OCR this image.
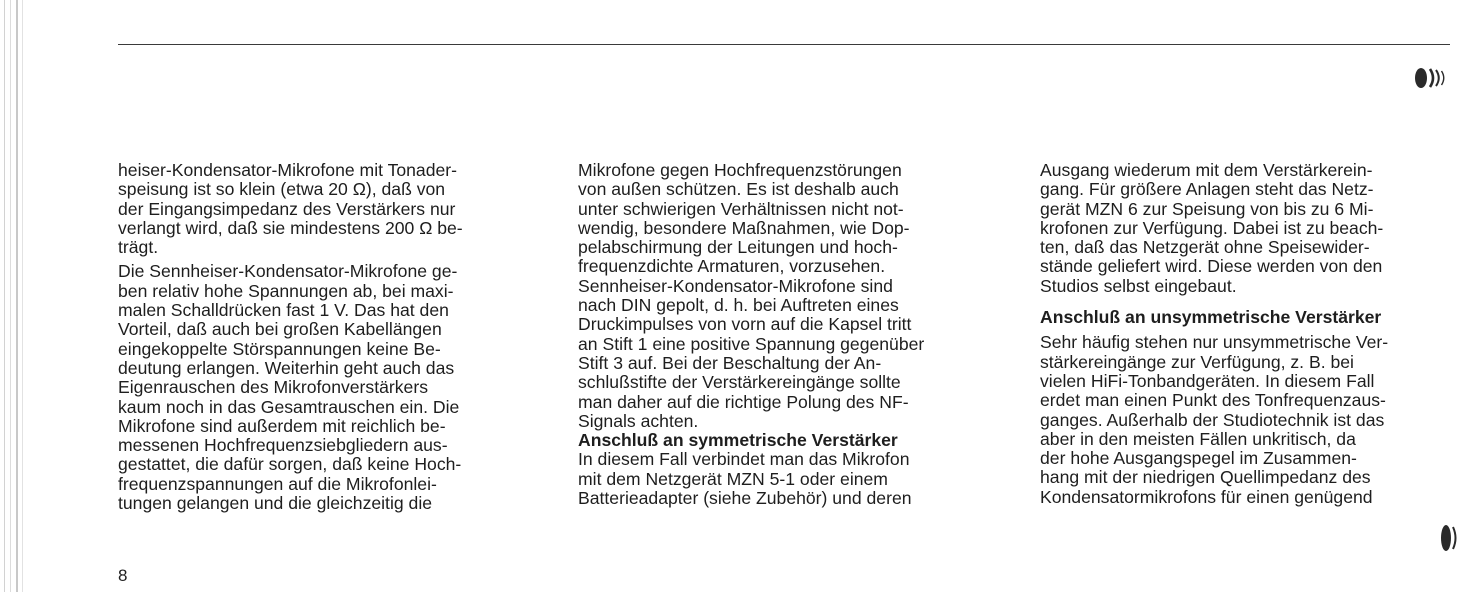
heiser-Kondensator-Mikrofone mit Tonader-

speisung ist so klein (etwa 20 Ω), daß von

der Eingangsimpedanz des Verstärkers nur

verlangt wird, daß sie mindestens 200 Ω be-

trägt.

Die Sennheiser-Kondensator-Mikrofone ge-

ben relativ hohe Spannungen ab, bei maxi-

malen Schalldrücken fast 1 V. Das hat den

Vorteil, daß auch bei großen Kabellängen

eingekoppelte Störspannungen keine Be-

deutung erlangen. Weiterhin geht auch das

Eigenrauschen des Mikrofonverstärkers

kaum noch in das Gesamtrauschen ein. Die

Mikrofone sind außerdem mit reichlich be-

messenen Hochfrequenzsiebgliedern aus-

gestattet, die dafür sorgen, daß keine Hoch-

frequenzspannungen auf die Mikrofonlei-

tungen gelangen und die gleichzeitig die

Mikrofone gegen Hochfrequenzstörungen

von außen schützen. Es ist deshalb auch

unter schwierigen Verhältnissen nicht not-

wendig, besondere Maßnahmen, wie Dop-

pelabschirmung der Leitungen und hoch-

frequenzdichte Armaturen, vorzusehen.

Sennheiser-Kondensator-Mikrofone sind

nach DIN gepolt, d. h. bei Auftreten eines

Druckimpulses von vorn auf die Kapsel tritt

an Stift 1 eine positive Spannung gegenüber

Stift 3 auf. Bei der Beschaltung der An-

schlußstifte der Verstärkereingänge sollte

man daher auf die richtige Polung des NF-

Signals achten.

Anschluß an symmetrische Verstärker

In diesem Fall verbindet man das Mikrofon

mit dem Netzgerät MZN 5-1 oder einem

Batterieadapter (siehe Zubehör) und deren

Ausgang wiederum mit dem Verstärkerein-

gang. Für größere Anlagen steht das Netz-

gerät MZN 6 zur Speisung von bis zu 6 Mi-

krofonen zur Verfügung. Dabei ist zu beach-

ten, daß das Netzgerät ohne Speisewider-

stände geliefert wird. Diese werden von den

Studios selbst eingebaut.

Anschluß an unsymmetrische Verstärker

Sehr häufig stehen nur unsymmetrische Ver-

stärkereingänge zur Verfügung, z. B. bei

vielen HiFi-Tonbandgeräten. In diesem Fall

erdet man einen Punkt des Tonfrequenzaus-

ganges. Außerhalb der Studiotechnik ist das

aber in den meisten Fällen unkritisch, da

der hohe Ausgangspegel im Zusammen-

hang mit der niedrigen Quellimpedanz des

Kondensatormikrofons für einen genügend

8
